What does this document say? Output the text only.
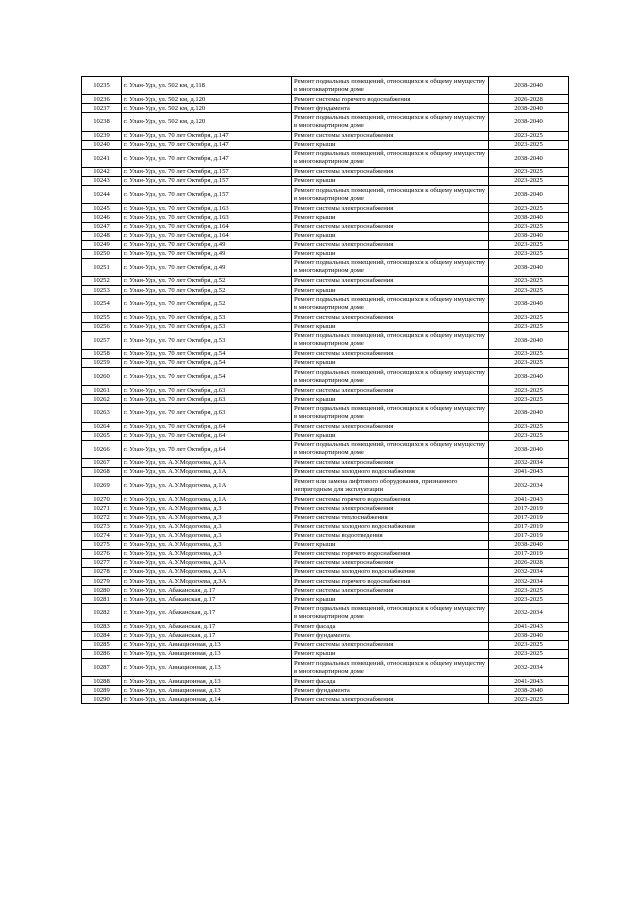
10235	г. Улан-Удэ, ул. 502 км, д.118	Ремонт подвальных помещений, относящихся к общему имуществу в многоквартирном доме	2038-2040
10236	г. Улан-Удэ, ул. 502 км, д.120	Ремонт системы горячего водоснабжения	2026-2028
10237	г. Улан-Удэ, ул. 502 км, д.120	Ремонт фундамента	2038-2040
10238	г. Улан-Удэ, ул. 502 км, д.120	Ремонт подвальных помещений, относящихся к общему имуществу в многоквартирном доме	2038-2040
10239	г. Улан-Удэ, ул. 70 лет Октября, д.147	Ремонт системы электроснабжения	2023-2025
10240	г. Улан-Удэ, ул. 70 лет Октября, д.147	Ремонт крыши	2023-2025
10241	г. Улан-Удэ, ул. 70 лет Октября, д.147	Ремонт подвальных помещений, относящихся к общему имуществу в многоквартирном доме	2038-2040
10242	г. Улан-Удэ, ул. 70 лет Октября, д.157	Ремонт системы электроснабжения	2023-2025
10243	г. Улан-Удэ, ул. 70 лет Октября, д.157	Ремонт крыши	2023-2025
10244	г. Улан-Удэ, ул. 70 лет Октября, д.157	Ремонт подвальных помещений, относящихся к общему имуществу в многоквартирном доме	2038-2040
10245	г. Улан-Удэ, ул. 70 лет Октября, д.163	Ремонт системы электроснабжения	2023-2025
10246	г. Улан-Удэ, ул. 70 лет Октября, д.163	Ремонт крыши	2038-2040
10247	г. Улан-Удэ, ул. 70 лет Октября, д.164	Ремонт системы электроснабжения	2023-2025
10248	г. Улан-Удэ, ул. 70 лет Октября, д.164	Ремонт крыши	2038-2040
10249	г. Улан-Удэ, ул. 70 лет Октября, д.49	Ремонт системы электроснабжения	2023-2025
10250	г. Улан-Удэ, ул. 70 лет Октября, д.49	Ремонт крыши	2023-2025
10251	г. Улан-Удэ, ул. 70 лет Октября, д.49	Ремонт подвальных помещений, относящихся к общему имуществу в многоквартирном доме	2038-2040
10252	г. Улан-Удэ, ул. 70 лет Октября, д.52	Ремонт системы электроснабжения	2023-2025
10253	г. Улан-Удэ, ул. 70 лет Октября, д.52	Ремонт крыши	2023-2025
10254	г. Улан-Удэ, ул. 70 лет Октября, д.52	Ремонт подвальных помещений, относящихся к общему имуществу в многоквартирном доме	2038-2040
10255	г. Улан-Удэ, ул. 70 лет Октября, д.53	Ремонт системы электроснабжения	2023-2025
10256	г. Улан-Удэ, ул. 70 лет Октября, д.53	Ремонт крыши	2023-2025
10257	г. Улан-Удэ, ул. 70 лет Октября, д.53	Ремонт подвальных помещений, относящихся к общему имуществу в многоквартирном доме	2038-2040
10258	г. Улан-Удэ, ул. 70 лет Октября, д.54	Ремонт системы электроснабжения	2023-2025
10259	г. Улан-Удэ, ул. 70 лет Октября, д.54	Ремонт крыши	2023-2025
10260	г. Улан-Удэ, ул. 70 лет Октября, д.54	Ремонт подвальных помещений, относящихся к общему имуществу в многоквартирном доме	2038-2040
10261	г. Улан-Удэ, ул. 70 лет Октября, д.63	Ремонт системы электроснабжения	2023-2025
10262	г. Улан-Удэ, ул. 70 лет Октября, д.63	Ремонт крыши	2023-2025
10263	г. Улан-Удэ, ул. 70 лет Октября, д.63	Ремонт подвальных помещений, относящихся к общему имуществу в многоквартирном доме	2038-2040
10264	г. Улан-Удэ, ул. 70 лет Октября, д.64	Ремонт системы электроснабжения	2023-2025
10265	г. Улан-Удэ, ул. 70 лет Октября, д.64	Ремонт крыши	2023-2025
10266	г. Улан-Удэ, ул. 70 лет Октября, д.64	Ремонт подвальных помещений, относящихся к общему имуществу в многоквартирном доме	2038-2040
10267	г. Улан-Удэ, ул. А.У.Модогоева, д.1А	Ремонт системы электроснабжения	2032-2034
10268	г. Улан-Удэ, ул. А.У.Модогоева, д.1А	Ремонт системы холодного водоснабжения	2041-2043
10269	г. Улан-Удэ, ул. А.У.Модогоева, д.1А	Ремонт или замена лифтового оборудования, признанного непригодным для эксплуатации	2032-2034
10270	г. Улан-Удэ, ул. А.У.Модогоева, д.1А	Ремонт системы горячего водоснабжения	2041-2043
10271	г. Улан-Удэ, ул. А.У.Модогоева, д.3	Ремонт системы электроснабжения	2017-2019
10272	г. Улан-Удэ, ул. А.У.Модогоева, д.3	Ремонт системы теплоснабжения	2017-2019
10273	г. Улан-Удэ, ул. А.У.Модогоева, д.3	Ремонт системы холодного водоснабжения	2017-2019
10274	г. Улан-Удэ, ул. А.У.Модогоева, д.3	Ремонт системы водоотведения	2017-2019
10275	г. Улан-Удэ, ул. А.У.Модогоева, д.3	Ремонт крыши	2038-2040
10276	г. Улан-Удэ, ул. А.У.Модогоева, д.3	Ремонт системы горячего водоснабжения	2017-2019
10277	г. Улан-Удэ, ул. А.У.Модогоева, д.3А	Ремонт системы электроснабжения	2026-2028
10278	г. Улан-Удэ, ул. А.У.Модогоева, д.3А	Ремонт системы холодного водоснабжения	2032-2034
10279	г. Улан-Удэ, ул. А.У.Модогоева, д.3А	Ремонт системы горячего водоснабжения	2032-2034
10280	г. Улан-Удэ, ул. Абаканская, д.17	Ремонт системы электроснабжения	2023-2025
10281	г. Улан-Удэ, ул. Абаканская, д.17	Ремонт крыши	2023-2025
10282	г. Улан-Удэ, ул. Абаканская, д.17	Ремонт подвальных помещений, относящихся к общему имуществу в многоквартирном доме	2032-2034
10283	г. Улан-Удэ, ул. Абаканская, д.17	Ремонт фасада	2041-2043
10284	г. Улан-Удэ, ул. Абаканская, д.17	Ремонт фундамента	2038-2040
10285	г. Улан-Удэ, ул. Авиационная, д.13	Ремонт системы электроснабжения	2023-2025
10286	г. Улан-Удэ, ул. Авиационная, д.13	Ремонт крыши	2023-2025
10287	г. Улан-Удэ, ул. Авиационная, д.13	Ремонт подвальных помещений, относящихся к общему имуществу в многоквартирном доме	2032-2034
10288	г. Улан-Удэ, ул. Авиационная, д.13	Ремонт фасада	2041-2043
10289	г. Улан-Удэ, ул. Авиационная, д.13	Ремонт фундамента	2038-2040
10290	г. Улан-Удэ, ул. Авиационная, д.14	Ремонт системы электроснабжения	2023-2025
